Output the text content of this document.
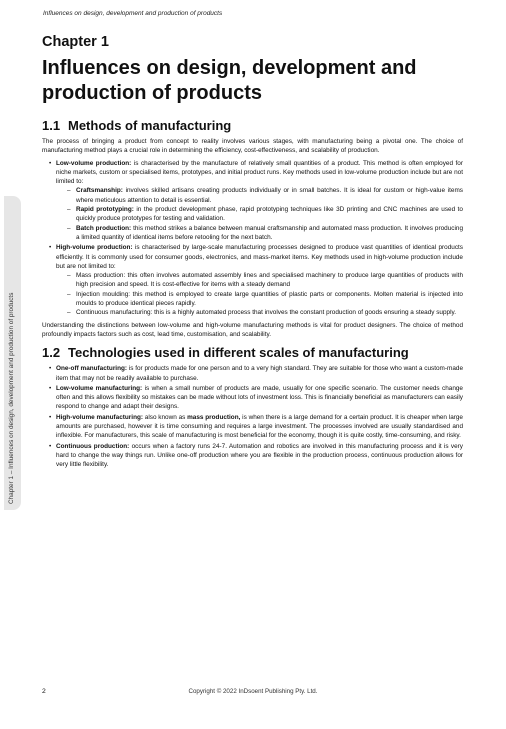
Influences on design, development and production of products
Chapter 1 – Influences on design, development and production of products
Chapter 1
Influences on design, development and production of products
1.1 Methods of manufacturing

The process of bringing a product from concept to reality involves various stages, with manufacturing being a pivotal one. The choice of manufacturing method plays a crucial role in determining the efficiency, cost-effectiveness, and scalability of production.

• Low-volume production: is characterised by the manufacture of relatively small quantities of a product. This method is often employed for niche markets, custom or specialised items, prototypes, and initial product runs. Key methods used in low-volume production include but are not limited to:
– Craftsmanship: involves skilled artisans creating products individually or in small batches. It is ideal for custom or high-value items where meticulous attention to detail is essential.
– Rapid prototyping: in the product development phase, rapid prototyping techniques like 3D printing and CNC machines are used to quickly produce prototypes for testing and validation.
– Batch production: this method strikes a balance between manual craftsmanship and automated mass production. It involves producing a limited quantity of identical items before retooling for the next batch.
• High-volume production: is characterised by large-scale manufacturing processes designed to produce vast quantities of identical products efficiently. It is commonly used for consumer goods, electronics, and mass-market items. Key methods used in high-volume production include but are not limited to:
– Mass production: this often involves automated assembly lines and specialised machinery to produce large quantities of products with high precision and speed. It is cost-effective for items with a steady demand
– Injection moulding: this method is employed to create large quantities of plastic parts or components. Molten material is injected into moulds to produce identical pieces rapidly.
– Continuous manufacturing: this is a highly automated process that involves the constant production of goods ensuring a steady supply.

Understanding the distinctions between low-volume and high-volume manufacturing methods is vital for product designers. The choice of method profoundly impacts factors such as cost, lead time, customisation, and scalability.

1.2 Technologies used in different scales of manufacturing
• One-off manufacturing: is for products made for one person and to a very high standard. They are suitable for those who want a custom-made item that may not be readily available to purchase.
• Low-volume manufacturing: is when a small number of products are made, usually for one specific scenario. The customer needs change often and this allows flexibility so mistakes can be made without lots of investment loss. This is financially beneficial as manufacturers can easily respond to change and adapt their designs.
• High-volume manufacturing: also known as mass production, is when there is a large demand for a certain product. It is cheaper when large amounts are purchased, however it is time consuming and requires a large investment. The processes involved are usually standardised and inflexible. For manufacturers, this scale of manufacturing is most beneficial for the economy, though it is quite costly, time-consuming, and risky.
• Continuous production: occurs when a factory runs 24-7. Automation and robotics are involved in this manufacturing process and it is very hard to change the way things run. Unlike one-off production where you are flexible in the production process, continuous production allows for very little flexibility.
2	Copyright © 2022 InDsoent Publishing Pty. Ltd.
